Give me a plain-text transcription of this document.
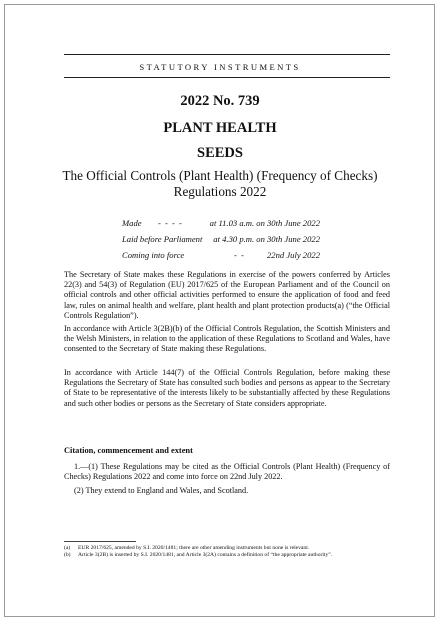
STATUTORY INSTRUMENTS
2022 No. 739
PLANT HEALTH
SEEDS
The Official Controls (Plant Health) (Frequency of Checks)
Regulations 2022
Made - - - -	at 11.03 a.m. on 30th June 2022
Laid before Parliament at 4.30 p.m. on 30th June 2022
Coming into force	- -	22nd July 2022
The Secretary of State makes these Regulations in exercise of the powers conferred by Articles 22(3) and 54(3) of Regulation (EU) 2017/625 of the European Parliament and of the Council on official controls and other official activities performed to ensure the application of food and feed law, rules on animal health and welfare, plant health and plant protection products(a) (“the Official Controls Regulation”).
In accordance with Article 3(2B)(b) of the Official Controls Regulation, the Scottish Ministers and the Welsh Ministers, in relation to the application of these Regulations to Scotland and Wales, have consented to the Secretary of State making these Regulations.
In accordance with Article 144(7) of the Official Controls Regulation, before making these Regulations the Secretary of State has consulted such bodies and persons as appear to the Secretary of State to be representative of the interests likely to be substantially affected by these Regulations and such other bodies or persons as the Secretary of State considers appropriate.
Citation, commencement and extent
1.—(1) These Regulations may be cited as the Official Controls (Plant Health) (Frequency of Checks) Regulations 2022 and come into force on 22nd July 2022.
(2) They extend to England and Wales, and Scotland.
(a) EUR 2017/625, amended by S.I. 2020/1481; there are other amending instruments but none is relevant.
(b) Article 3(2B) is inserted by S.I. 2020/1481, and Article 3(2A) contains a definition of “the appropriate authority”.
